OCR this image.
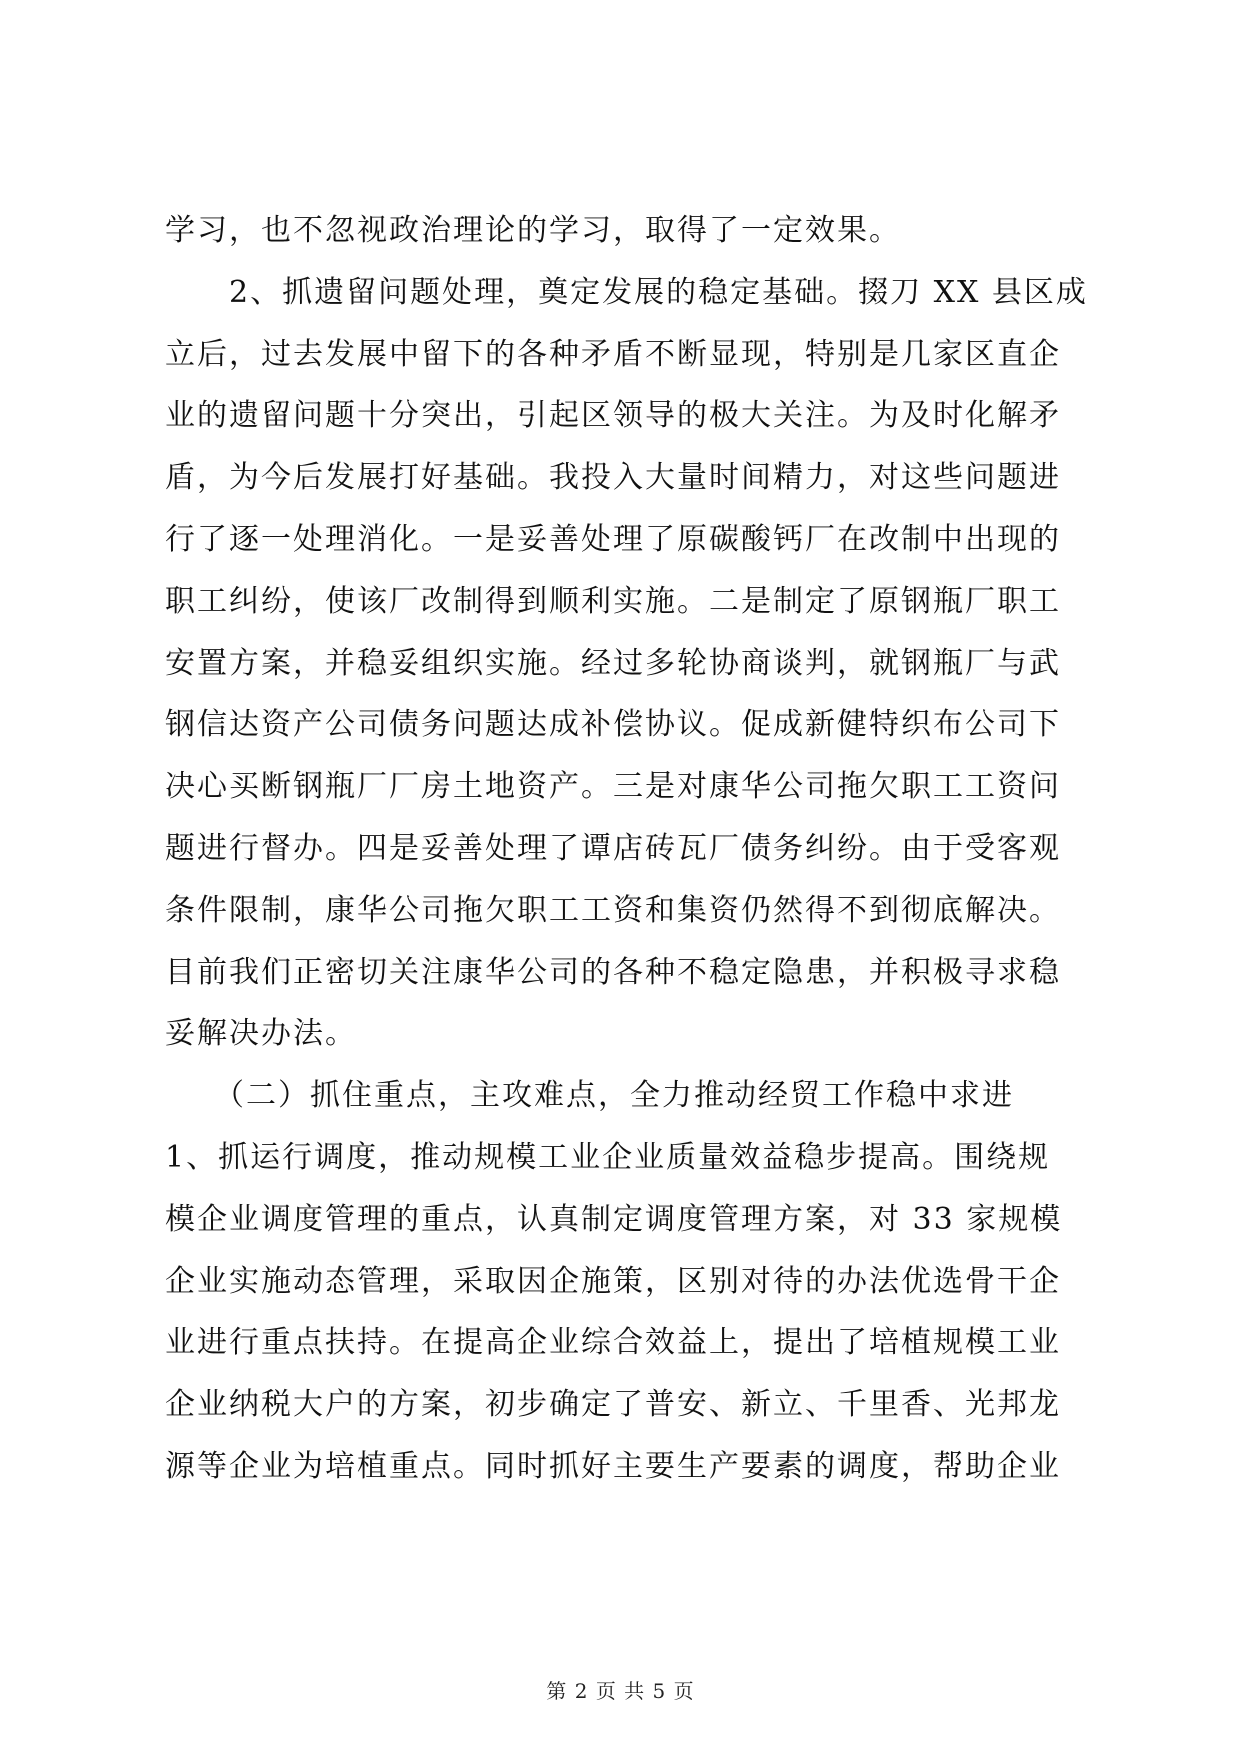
学习，也不忽视政治理论的学习，取得了一定效果。
　　2、抓遗留问题处理，奠定发展的稳定基础。掇刀 XX 县区成
立后，过去发展中留下的各种矛盾不断显现，特别是几家区直企
业的遗留问题十分突出，引起区领导的极大关注。为及时化解矛
盾，为今后发展打好基础。我投入大量时间精力，对这些问题进
行了逐一处理消化。一是妥善处理了原碳酸钙厂在改制中出现的
职工纠纷，使该厂改制得到顺利实施。二是制定了原钢瓶厂职工
安置方案，并稳妥组织实施。经过多轮协商谈判，就钢瓶厂与武
钢信达资产公司债务问题达成补偿协议。促成新健特织布公司下
决心买断钢瓶厂厂房土地资产。三是对康华公司拖欠职工工资问
题进行督办。四是妥善处理了谭店砖瓦厂债务纠纷。由于受客观
条件限制，康华公司拖欠职工工资和集资仍然得不到彻底解决。
目前我们正密切关注康华公司的各种不稳定隐患，并积极寻求稳
妥解决办法。
　　（二）抓住重点，主攻难点，全力推动经贸工作稳中求进
1、抓运行调度，推动规模工业企业质量效益稳步提高。围绕规
模企业调度管理的重点，认真制定调度管理方案，对 33 家规模
企业实施动态管理，采取因企施策，区别对待的办法优选骨干企
业进行重点扶持。在提高企业综合效益上，提出了培植规模工业
企业纳税大户的方案，初步确定了普安、新立、千里香、光邦龙
源等企业为培植重点。同时抓好主要生产要素的调度，帮助企业
第 2 页 共 5 页
